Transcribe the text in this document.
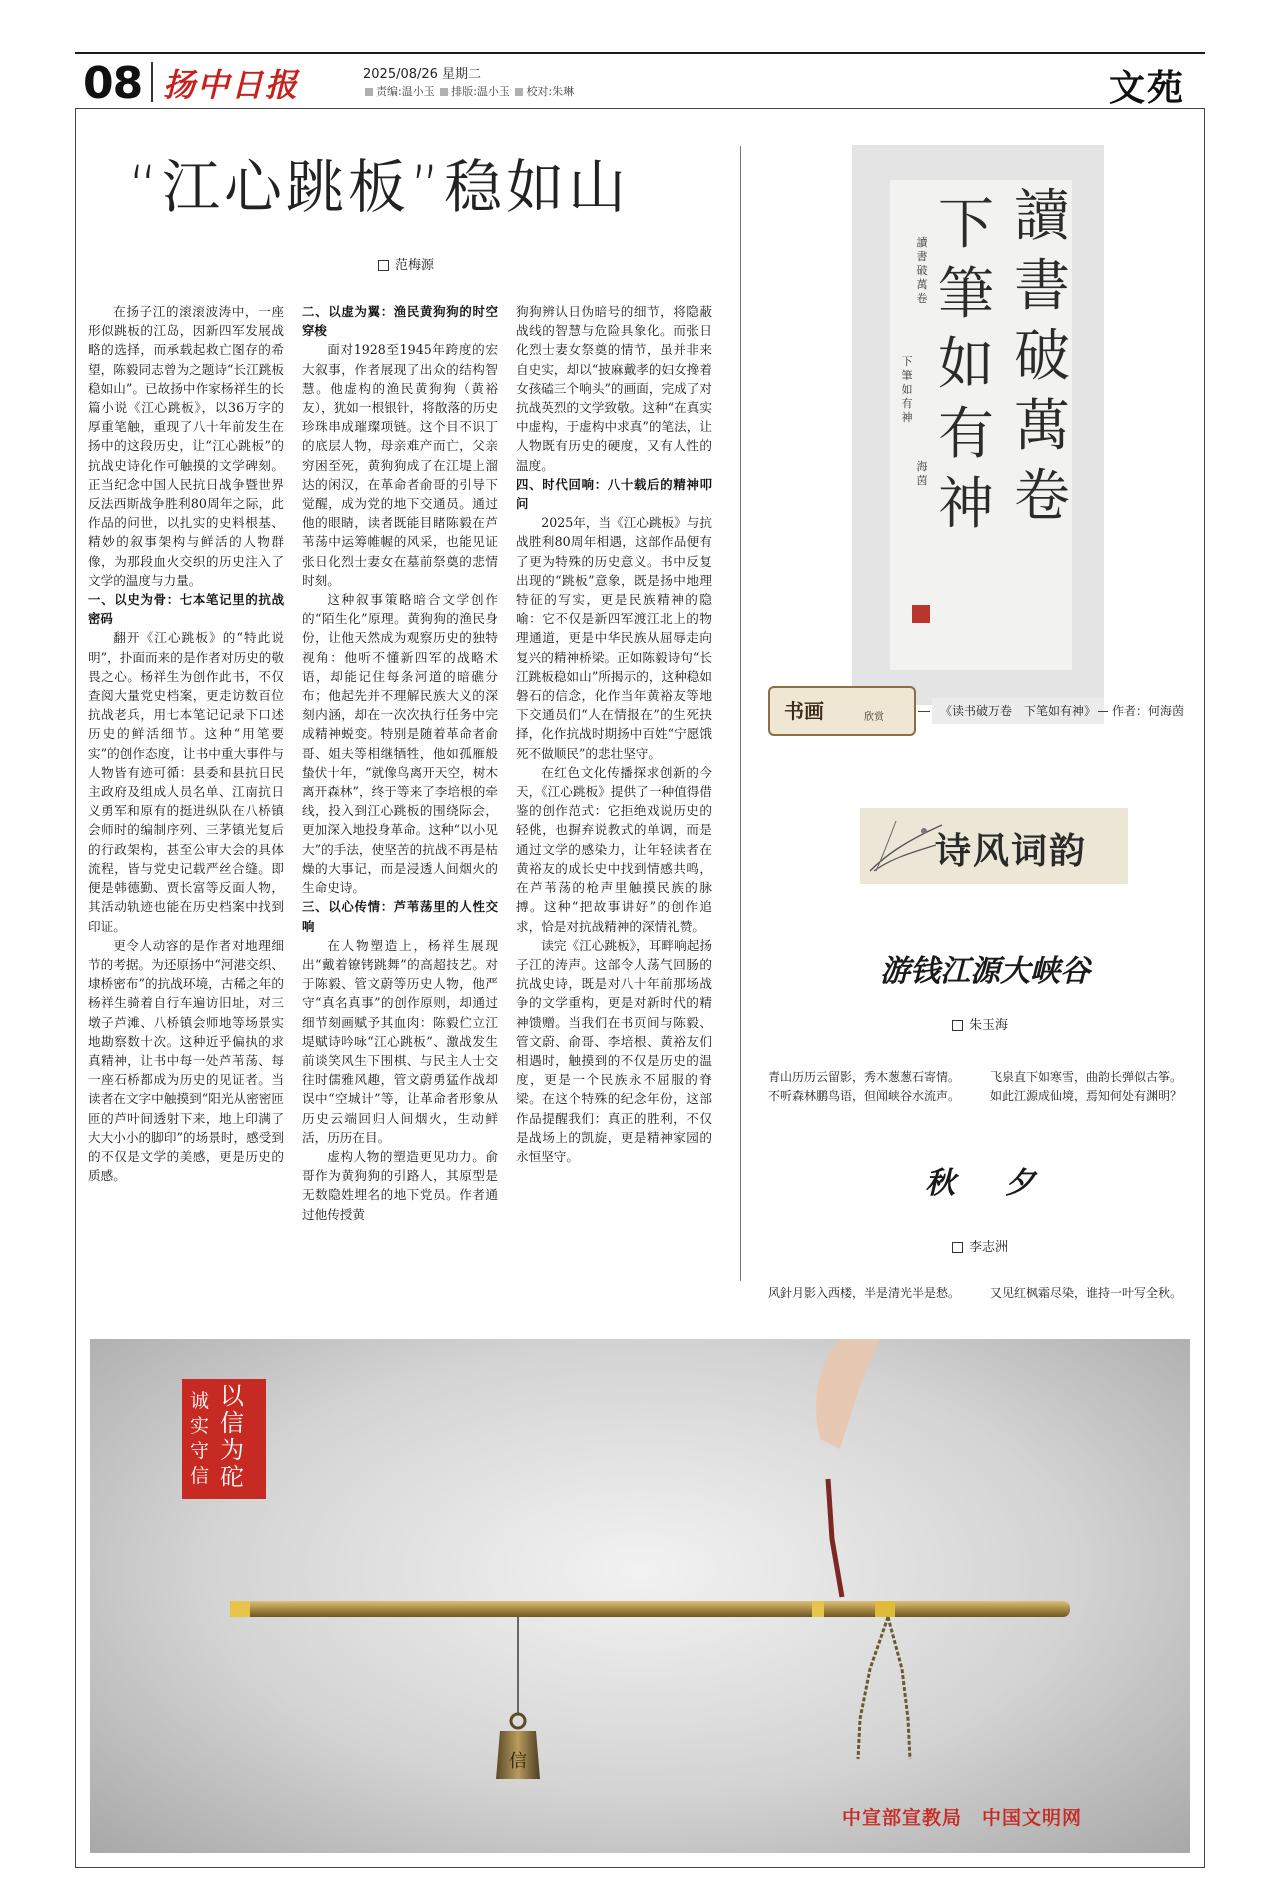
08 扬中日报	2025/08/26 星期二
责编:温小玉 排版:温小玉 校对:朱琳	文苑
“江心跳板”稳如山
范梅源

在扬子江的滚滚波涛中，一座形似跳板的江岛，因新四军发展战略的选择，而承载起救亡图存的希望，陈毅同志曾为之题诗“长江跳板稳如山”。已故扬中作家杨祥生的长篇小说《江心跳板》，以36万字的厚重笔触，重现了八十年前发生在扬中的这段历史，让“江心跳板”的抗战史诗化作可触摸的文学碑刻。正当纪念中国人民抗日战争暨世界反法西斯战争胜利80周年之际，此作品的问世，以扎实的史料根基、精妙的叙事架构与鲜活的人物群像，为那段血火交织的历史注入了文学的温度与力量。

一、以史为骨：七本笔记里的抗战密码

翻开《江心跳板》的“特此说明”，扑面而来的是作者对历史的敬畏之心。杨祥生为创作此书，不仅查阅大量党史档案，更走访数百位抗战老兵，用七本笔记记录下口述历史的鲜活细节。这种“用笔要实”的创作态度，让书中重大事件与人物皆有迹可循：县委和县抗日民主政府及组成人员名单、江南抗日义勇军和原有的挺进纵队在八桥镇会师时的编制序列、三茅镇光复后的行政架构，甚至公审大会的具体流程，皆与党史记载严丝合缝。即便是韩德勤、贾长富等反面人物，其活动轨迹也能在历史档案中找到印证。

更令人动容的是作者对地理细节的考据。为还原扬中“河港交织、埭桥密布”的抗战环境，古稀之年的杨祥生骑着自行车遍访旧址，对三墩子芦滩、八桥镇会师地等场景实地勘察数十次。这种近乎偏执的求真精神，让书中每一处芦苇荡、每一座石桥都成为历史的见证者。当读者在文字中触摸到“阳光从密密匝匝的芦叶间透射下来，地上印满了大大小小的脚印”的场景时，感受到的不仅是文学的美感，更是历史的质感。

二、以虚为翼：渔民黄狗狗的时空穿梭

面对1928至1945年跨度的宏大叙事，作者展现了出众的结构智慧。他虚构的渔民黄狗狗（黄裕友），犹如一根银针，将散落的历史珍珠串成璀璨项链。这个目不识丁的底层人物，母亲难产而亡，父亲穷困至死，黄狗狗成了在江堤上溜达的闲汉，在革命者俞哥的引导下觉醒，成为党的地下交通员。通过他的眼睛，读者既能目睹陈毅在芦苇荡中运筹帷幄的风采，也能见证张日化烈士妻女在墓前祭奠的悲情时刻。

这种叙事策略暗合文学创作的“陌生化”原理。黄狗狗的渔民身份，让他天然成为观察历史的独特视角：他听不懂新四军的战略术语，却能记住每条河道的暗礁分布；他起先并不理解民族大义的深刻内涵，却在一次次执行任务中完成精神蜕变。特别是随着革命者俞哥、姐夫等相继牺牲，他如孤雁般蛰伏十年，“就像鸟离开天空，树木离开森林”，终于等来了李培根的牵线，投入到江心跳板的围绕际会，更加深入地投身革命。这种“以小见大”的手法，使坚苦的抗战不再是枯燥的大事记，而是浸透人间烟火的生命史诗。

三、以心传情：芦苇荡里的人性交响

在人物塑造上，杨祥生展现出“戴着镣铐跳舞”的高超技艺。对于陈毅、管文蔚等历史人物，他严守“真名真事”的创作原则，却通过细节刻画赋予其血肉：陈毅伫立江堤赋诗吟咏“江心跳板”、激战发生前谈笑风生下围棋、与民主人士交往时儒雅风趣，管文蔚勇猛作战却误中“空城计”等，让革命者形象从历史云端回归人间烟火，生动鲜活，历历在目。

虚构人物的塑造更见功力。俞哥作为黄狗狗的引路人，其原型是无数隐姓埋名的地下党员。作者通过他传授黄

狗狗辨认日伪暗号的细节，将隐蔽战线的智慧与危险具象化。而张日化烈士妻女祭奠的情节，虽并非来自史实，却以“披麻戴孝的妇女搀着女孩磕三个响头”的画面，完成了对抗战英烈的文学致敬。这种“在真实中虚构，于虚构中求真”的笔法，让人物既有历史的硬度，又有人性的温度。

四、时代回响：八十载后的精神叩问

2025年，当《江心跳板》与抗战胜利80周年相遇，这部作品便有了更为特殊的历史意义。书中反复出现的“跳板”意象，既是扬中地理特征的写实，更是民族精神的隐喻：它不仅是新四军渡江北上的物理通道，更是中华民族从屈辱走向复兴的精神桥梁。正如陈毅诗句“长江跳板稳如山”所揭示的，这种稳如磐石的信念，化作当年黄裕友等地下交通员们“人在情报在”的生死抉择，化作抗战时期扬中百姓“宁愿饿死不做顺民”的悲壮坚守。

在红色文化传播探求创新的今天，《江心跳板》提供了一种值得借鉴的创作范式：它拒绝戏说历史的轻佻，也摒弃说教式的单调，而是通过文学的感染力，让年轻读者在黄裕友的成长史中找到情感共鸣，在芦苇荡的枪声里触摸民族的脉搏。这种“把故事讲好”的创作追求，恰是对抗战精神的深情礼赞。

读完《江心跳板》，耳畔响起扬子江的涛声。这部令人荡气回肠的抗战史诗，既是对八十年前那场战争的文学重构，更是对新时代的精神馈赠。当我们在书页间与陈毅、管文蔚、俞哥、李培根、黄裕友们相遇时，触摸到的不仅是历史的温度，更是一个民族永不屈服的脊梁。在这个特殊的纪念年份，这部作品提醒我们：真正的胜利，不仅是战场上的凯旋，更是精神家园的永恒坚守。

讀書破萬卷
下筆如有神
讀書破萬卷
下筆如有神
海茵
书画	欣赏	《读书破万卷　下笔如有神》	作者：何海茵
诗风词韵
游钱江源大峡谷
朱玉海
青山历历云留影，秀木葱葱石寄情。
不听森林鹏鸟语，但闻峡谷水流声。
飞泉直下如寒雪，曲韵长弹似古筝。
如此江源成仙境，焉知何处有渊明？
秋　夕
李志洲
风針月影入西楼，半是清光半是愁。 又见红枫霜尽染，谁持一叶写全秋。
以信为砣
诚实守信
信
中宣部宣教局　中国文明网
